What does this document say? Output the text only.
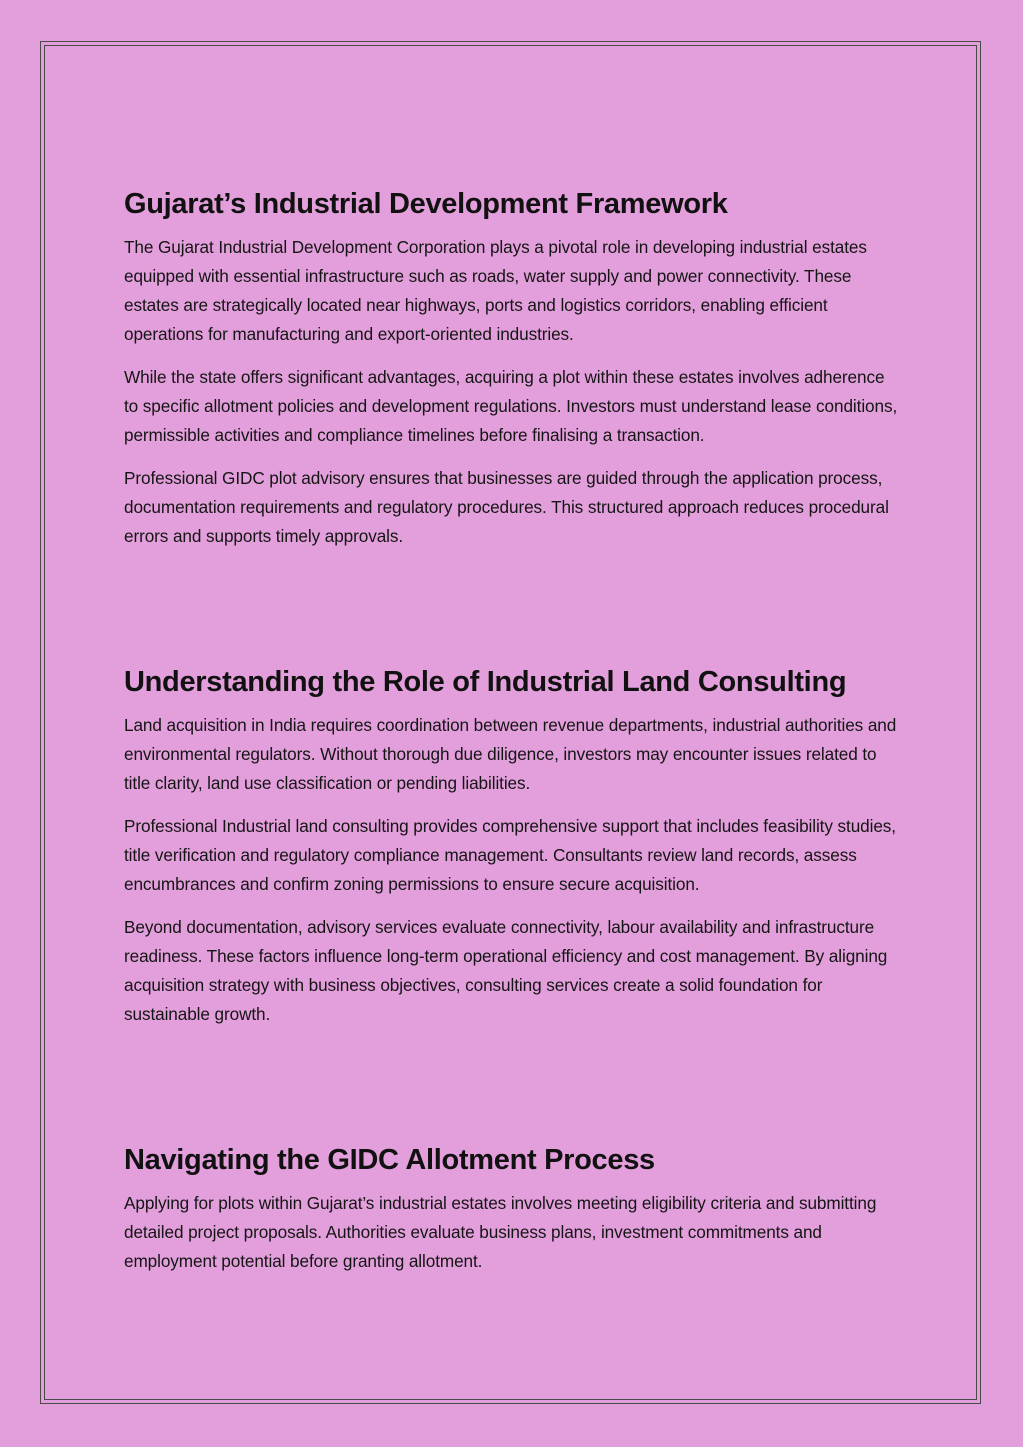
Gujarat’s Industrial Development Framework

The Gujarat Industrial Development Corporation plays a pivotal role in developing industrial estates equipped with essential infrastructure such as roads, water supply and power connectivity. These estates are strategically located near highways, ports and logistics corridors, enabling efficient operations for manufacturing and export-oriented industries.

While the state offers significant advantages, acquiring a plot within these estates involves adherence to specific allotment policies and development regulations. Investors must understand lease conditions, permissible activities and compliance timelines before finalising a transaction.

Professional GIDC plot advisory ensures that businesses are guided through the application process, documentation requirements and regulatory procedures. This structured approach reduces procedural errors and supports timely approvals.

Understanding the Role of Industrial Land Consulting

Land acquisition in India requires coordination between revenue departments, industrial authorities and environmental regulators. Without thorough due diligence, investors may encounter issues related to title clarity, land use classification or pending liabilities.

Professional Industrial land consulting provides comprehensive support that includes feasibility studies, title verification and regulatory compliance management. Consultants review land records, assess encumbrances and confirm zoning permissions to ensure secure acquisition.

Beyond documentation, advisory services evaluate connectivity, labour availability and infrastructure readiness. These factors influence long-term operational efficiency and cost management. By aligning acquisition strategy with business objectives, consulting services create a solid foundation for sustainable growth.

Navigating the GIDC Allotment Process

Applying for plots within Gujarat’s industrial estates involves meeting eligibility criteria and submitting detailed project proposals. Authorities evaluate business plans, investment commitments and employment potential before granting allotment.
